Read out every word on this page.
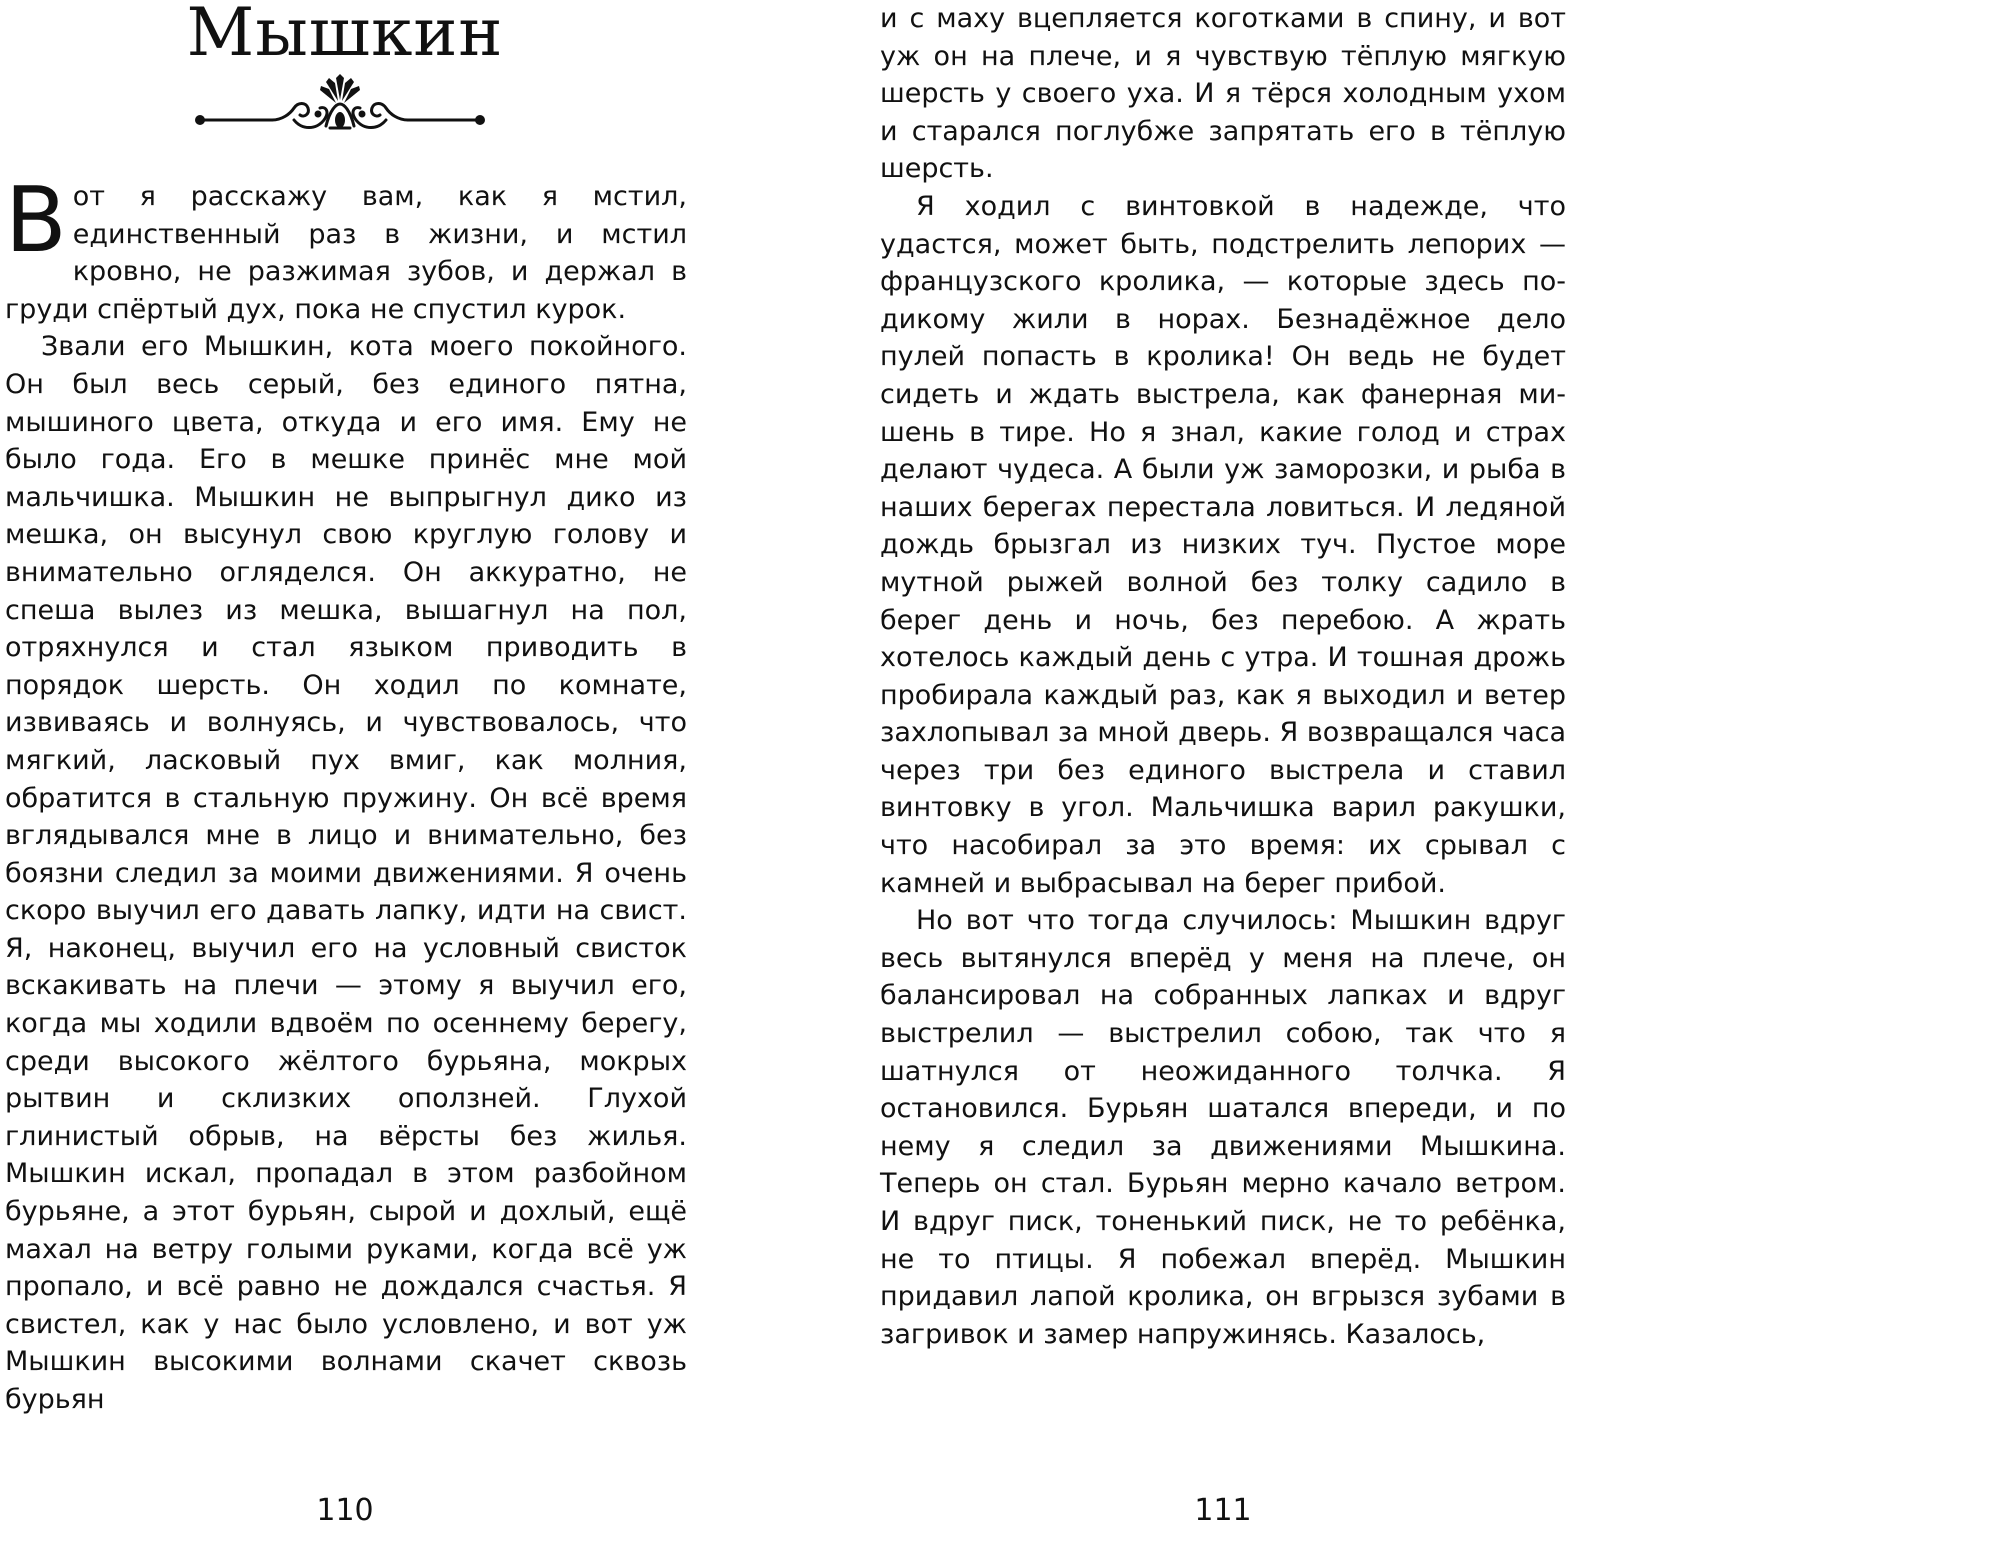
Мышкин

Вот я расскажу вам, как я мстил, единственный раз в жизни, и мстил кровно, не разжимая зубов, и держал в груди спёртый дух, пока не спустил курок.

Звали его Мышкин, кота моего покойного. Он был весь серый, без единого пятна, мышиного цвета, откуда и его имя. Ему не было года. Его в мешке принёс мне мой мальчишка. Мышкин не выпрыгнул дико из мешка, он высунул свою круглую голову и внимательно огляделся. Он аккуратно, не спеша вылез из мешка, вышагнул на пол, отряхнулся и стал языком приводить в порядок шерсть. Он ходил по комнате, извиваясь и волнуясь, и чувствовалось, что мягкий, ласковый пух вмиг, как молния, обратится в стальную пружину. Он всё время вглядывался мне в лицо и внимательно, без боязни следил за моими движениями. Я очень скоро выучил его давать лапку, идти на свист. Я, наконец, выучил его на условный свисток вскакивать на плечи — этому я выучил его, когда мы ходили вдвоём по осеннему берегу, среди высокого жёлтого бурьяна, мокрых рытвин и склизких оползней. Глухой глинистый обрыв, на вёрсты без жилья. Мышкин искал, пропадал в этом разбойном бурьяне, а этот бурьян, сырой и дохлый, ещё махал на ветру голыми руками, когда всё уж пропало, и всё равно не дождался счастья. Я свистел, как у нас было условлено, и вот уж Мышкин высокими волнами скачет сквозь бурьян

110

и с маху вцепляется коготками в спину, и вот уж он на плече, и я чувствую тёплую мягкую шерсть у своего уха. И я тёрся холодным ухом и старался поглубже запрятать его в тёплую шерсть.

Я ходил с винтовкой в надежде, что удастся, может быть, подстрелить лепорих — французского кролика, — которые здесь по-дикому жили в норах. Безнадёжное дело пулей попасть в кролика! Он ведь не будет сидеть и ждать выстрела, как фанерная мишень в тире. Но я знал, какие голод и страх делают чудеса. А были уж заморозки, и рыба в наших берегах перестала ловиться. И ледяной дождь брызгал из низких туч. Пустое море мутной рыжей волной без толку садило в берег день и ночь, без перебою. А жрать хотелось каждый день с утра. И тошная дрожь пробирала каждый раз, как я выходил и ветер захлопывал за мной дверь. Я возвращался часа через три без единого выстрела и ставил винтовку в угол. Мальчишка варил ракушки, что насобирал за это время: их срывал с камней и выбрасывал на берег прибой.

Но вот что тогда случилось: Мышкин вдруг весь вытянулся вперёд у меня на плече, он балансировал на собранных лапках и вдруг выстрелил — выстрелил собою, так что я шатнулся от неожиданного толчка. Я остановился. Бурьян шатался впереди, и по нему я следил за движениями Мышкина. Теперь он стал. Бурьян мерно качало ветром. И вдруг писк, тоненький писк, не то ребёнка, не то птицы. Я побежал вперёд. Мышкин придавил лапой кролика, он вгрызся зубами в загривок и замер напружинясь. Казалось,

111
